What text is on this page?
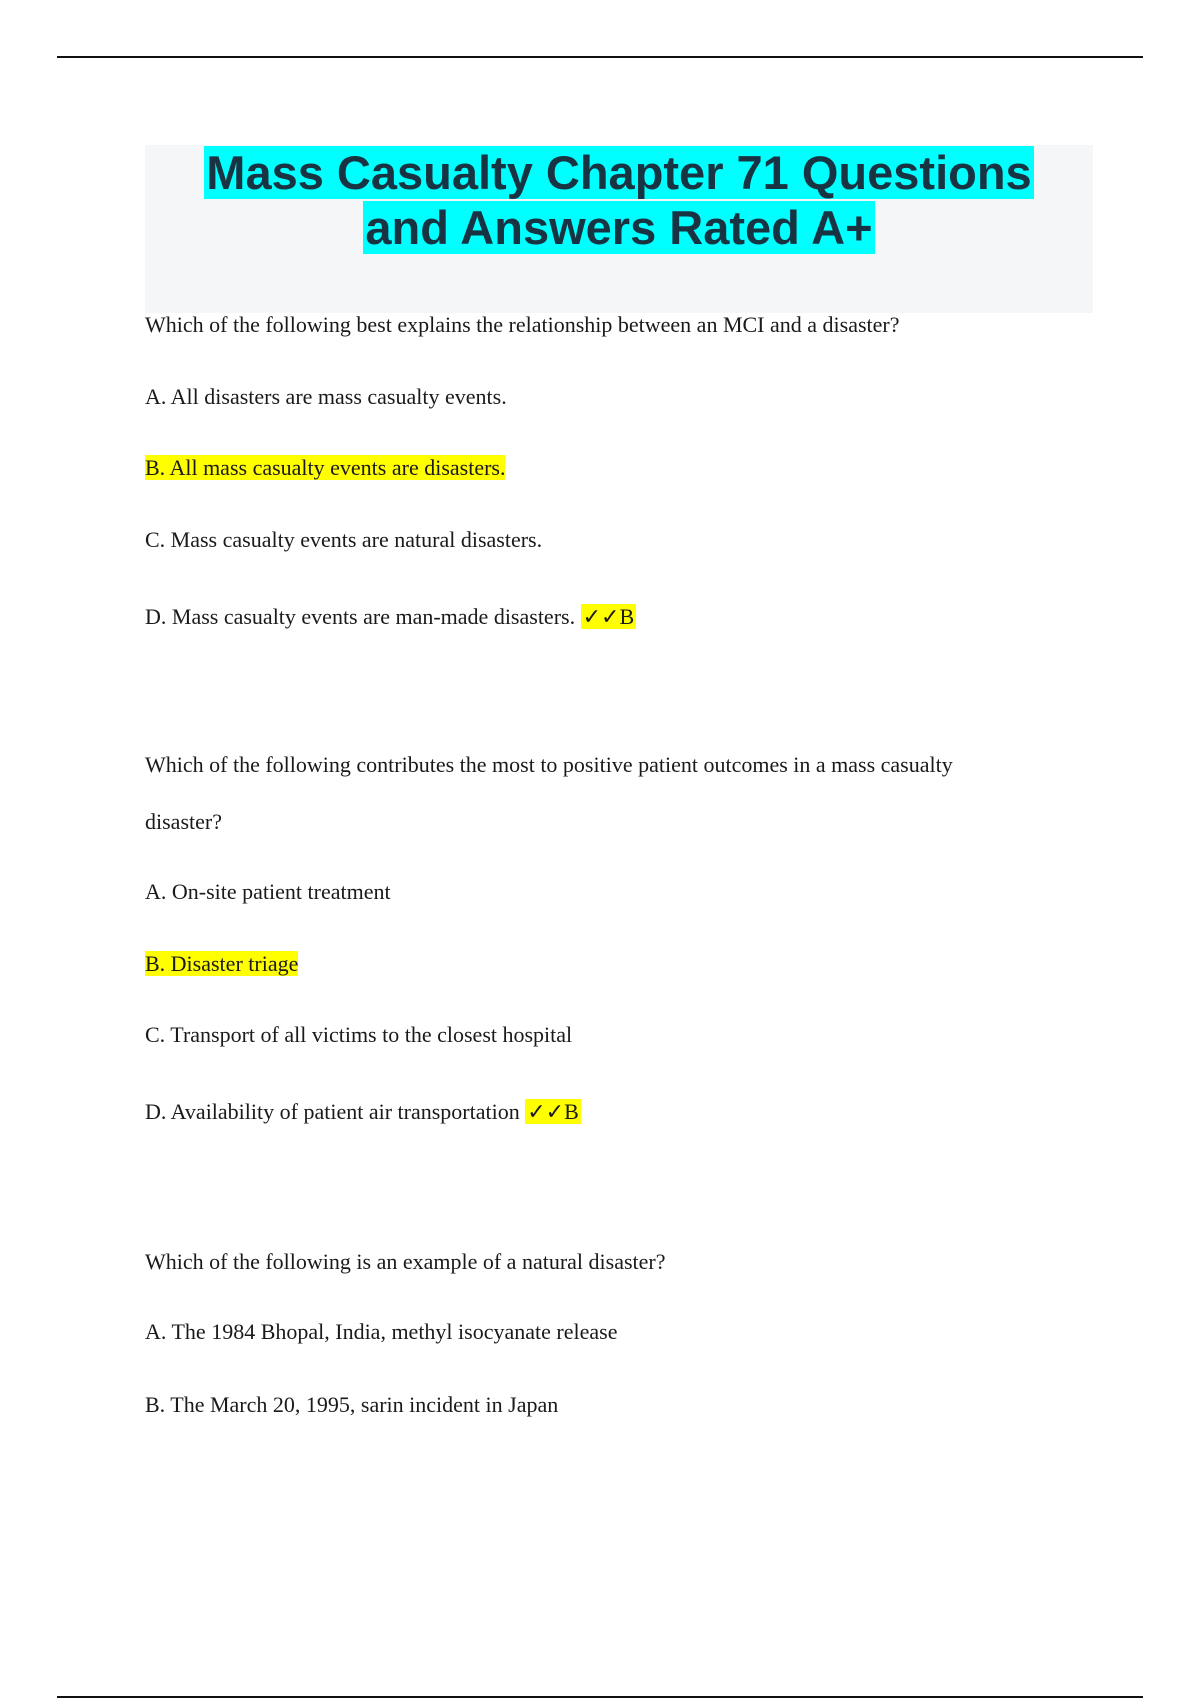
Mass Casualty Chapter 71 Questions
and Answers Rated A+
Which of the following best explains the relationship between an MCI and a disaster?
A. All disasters are mass casualty events.
B. All mass casualty events are disasters.
C. Mass casualty events are natural disasters.
D. Mass casualty events are man-made disasters. ✓✓B
Which of the following contributes the most to positive patient outcomes in a mass casualty
disaster?
A. On-site patient treatment
B. Disaster triage
C. Transport of all victims to the closest hospital
D. Availability of patient air transportation ✓✓B
Which of the following is an example of a natural disaster?
A. The 1984 Bhopal, India, methyl isocyanate release
B. The March 20, 1995, sarin incident in Japan
